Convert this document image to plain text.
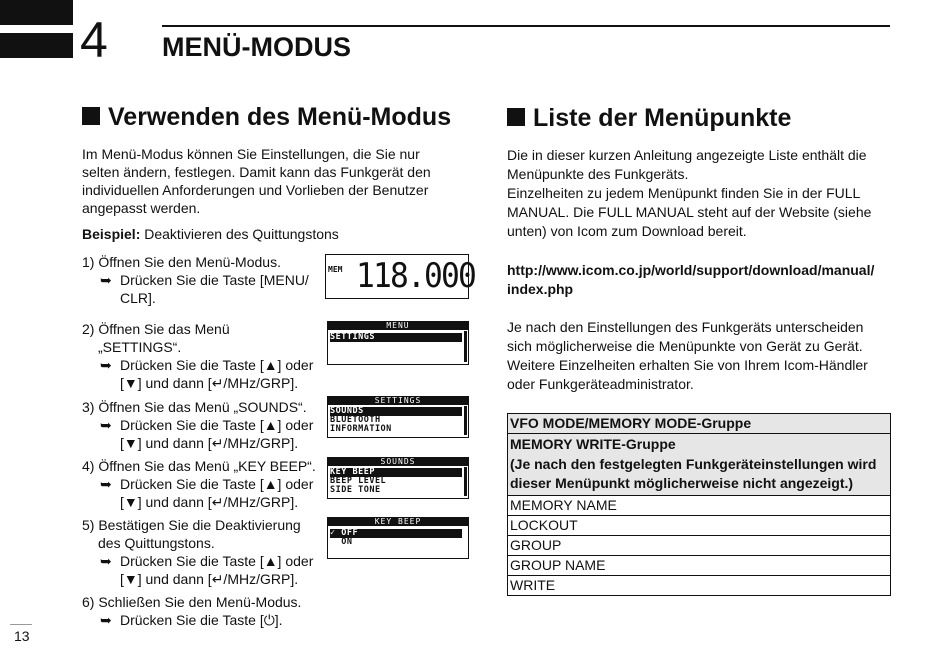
4 MENÜ-MODUS
Verwenden des Menü-Modus
Im Menü-Modus können Sie Einstellungen, die Sie nur
selten ändern, festlegen. Damit kann das Funkgerät den
individuellen Anforderungen und Vorlieben der Benutzer
angepasst werden.
Beispiel: Deaktivieren des Quittungstons
1) Öffnen Sie den Menü-Modus.
➥ Drücken Sie die Taste [MENU/
CLR].
2) Öffnen Sie das Menü
„SETTINGS“.
➥ Drücken Sie die Taste [▲] oder
[▼] und dann [↵/MHz/GRP].
3) Öffnen Sie das Menü „SOUNDS“.
➥ Drücken Sie die Taste [▲] oder
[▼] und dann [↵/MHz/GRP].
4) Öffnen Sie das Menü „KEY BEEP“.
➥ Drücken Sie die Taste [▲] oder
[▼] und dann [↵/MHz/GRP].
5) Bestätigen Sie die Deaktivierung
des Quittungstons.
➥ Drücken Sie die Taste [▲] oder
[▼] und dann [↵/MHz/GRP].
6) Schließen Sie den Menü-Modus.
➥ Drücken Sie die Taste [⏻].
MEM 118.000
MENU
SETTINGS
SETTINGS
SOUNDS
BLUETOOTH
INFORMATION
SOUNDS
KEY BEEP
BEEP LEVEL
SIDE TONE
KEY BEEP
✓ OFF
ON
Liste der Menüpunkte
Die in dieser kurzen Anleitung angezeigte Liste enthält die
Menüpunkte des Funkgeräts.
Einzelheiten zu jedem Menüpunkt finden Sie in der FULL
MANUAL. Die FULL MANUAL steht auf der Website (siehe
unten) von Icom zum Download bereit.
http://www.icom.co.jp/world/support/download/manual/
index.php
Je nach den Einstellungen des Funkgeräts unterscheiden
sich möglicherweise die Menüpunkte von Gerät zu Gerät.
Weitere Einzelheiten erhalten Sie von Ihrem Icom-Händler
oder Funkgeräteadministrator.
VFO MODE/MEMORY MODE-Gruppe

MEMORY WRITE-Gruppe
(Je nach den festgelegten Funkgeräteinstellungen wird
dieser Menüpunkt möglicherweise nicht angezeigt.)

MEMORY NAME
LOCKOUT
GROUP
GROUP NAME
WRITE
13
